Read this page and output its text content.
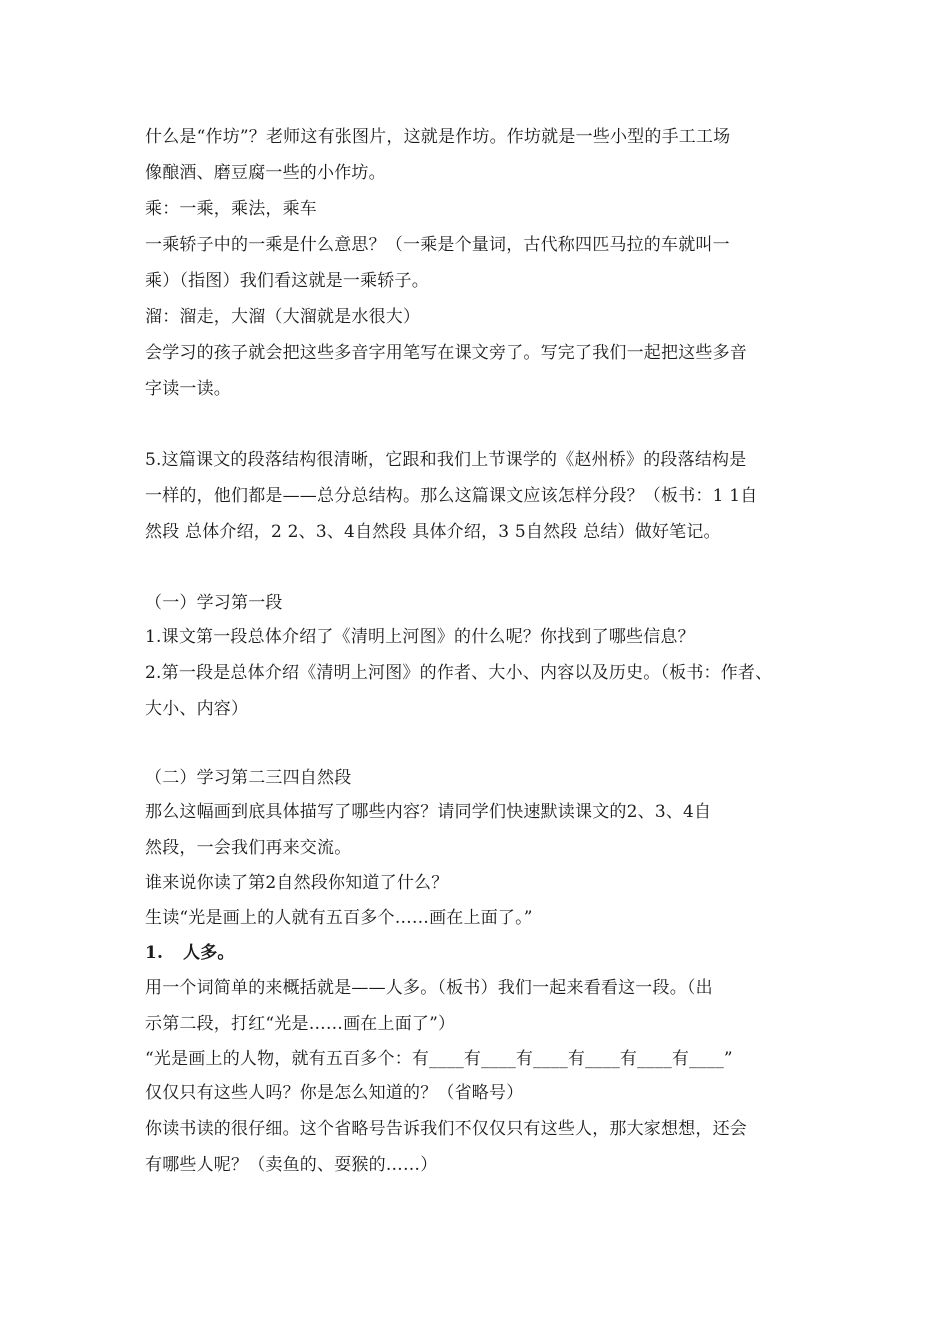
什么是“作坊”？老师这有张图片，这就是作坊。作坊就是一些小型的手工工场
像酿酒、磨豆腐一些的小作坊。
乘：一乘，乘法，乘车
一乘轿子中的一乘是什么意思？（一乘是个量词，古代称四匹马拉的车就叫一
乘）（指图）我们看这就是一乘轿子。
溜：溜走，大溜（大溜就是水很大）
会学习的孩子就会把这些多音字用笔写在课文旁了。写完了我们一起把这些多音
字读一读。
5.这篇课文的段落结构很清晰，它跟和我们上节课学的《赵州桥》的段落结构是
一样的，他们都是——总分总结构。那么这篇课文应该怎样分段？（板书：1 1自
然段 总体介绍，2 2、3、4自然段 具体介绍，3 5自然段 总结）做好笔记。
（一）学习第一段
1.课文第一段总体介绍了《清明上河图》的什么呢？你找到了哪些信息？
2.第一段是总体介绍《清明上河图》的作者、大小、内容以及历史。（板书：作者、
大小、内容）
（二）学习第二三四自然段
那么这幅画到底具体描写了哪些内容？请同学们快速默读课文的2、3、4自
然段，一会我们再来交流。
谁来说你读了第2自然段你知道了什么？
生读“光是画上的人就有五百多个……画在上面了。”
1. 人多。
用一个词简单的来概括就是——人多。（板书）我们一起来看看这一段。（出
示第二段，打红“光是……画在上面了”）
“光是画上的人物，就有五百多个：有____有____有____有____有____有____”
仅仅只有这些人吗？你是怎么知道的？（省略号）
你读书读的很仔细。这个省略号告诉我们不仅仅只有这些人，那大家想想，还会
有哪些人呢？（卖鱼的、耍猴的……）
